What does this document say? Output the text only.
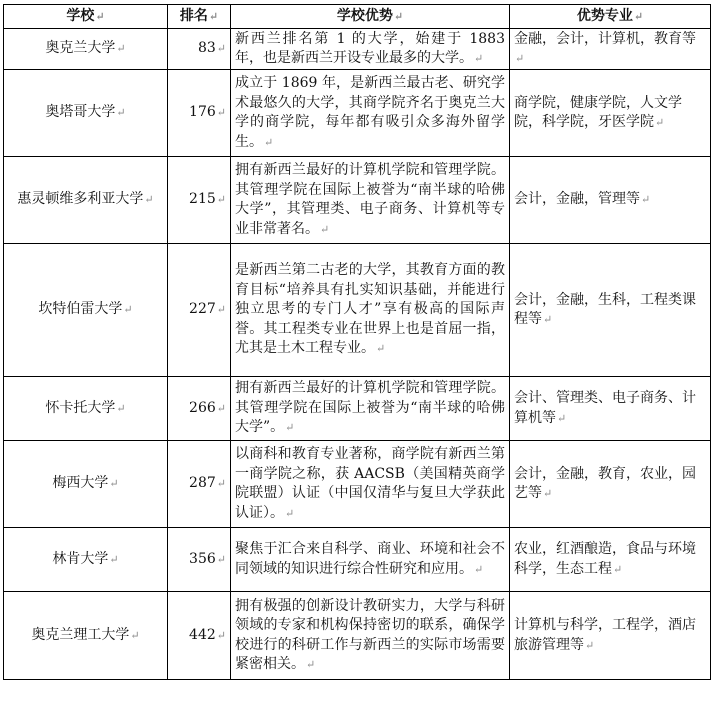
学校↵	排名↵	学校优势↵	优势专业↵
奥克兰大学↵	83↵	新西兰排名第 1 的大学，始建于 1883 年，也是新西兰开设专业最多的大学。↵	金融，会计，计算机，教育等↵

奥塔哥大学↵	176↵	成立于 1869 年，是新西兰最古老、研究学术最悠久的大学，其商学院齐名于奥克兰大学的商学院，每年都有吸引众多海外留学生。↵	商学院，健康学院，人文学院，科学院，牙医学院↵

惠灵顿维多利亚大学↵	215↵	拥有新西兰最好的计算机学院和管理学院。其管理学院在国际上被誉为“南半球的哈佛大学”，其管理类、电子商务、计算机等专业非常著名。↵	会计，金融，管理等↵

坎特伯雷大学↵	227↵	是新西兰第二古老的大学，其教育方面的教育目标“培养具有扎实知识基础，并能进行独立思考的专门人才”享有极高的国际声誉。其工程类专业在世界上也是首屈一指，尤其是土木工程专业。↵	会计，金融，生科，工程类课程等↵

怀卡托大学↵	266↵	拥有新西兰最好的计算机学院和管理学院。其管理学院在国际上被誉为“南半球的哈佛大学”。↵	会计、管理类、电子商务、计算机等↵

梅西大学↵	287↵	以商科和教育专业著称，商学院有新西兰第一商学院之称，获 AACSB（美国精英商学院联盟）认证（中国仅清华与复旦大学获此认证）。↵	会计，金融，教育，农业，园艺等↵

林肯大学↵	356↵	聚焦于汇合来自科学、商业、环境和社会不同领域的知识进行综合性研究和应用。↵	农业，红酒酿造，食品与环境科学，生态工程↵

奥克兰理工大学↵	442↵	拥有极强的创新设计教研实力，大学与科研领域的专家和机构保持密切的联系，确保学校进行的科研工作与新西兰的实际市场需要紧密相关。↵	计算机与科学，工程学，酒店旅游管理等↵
